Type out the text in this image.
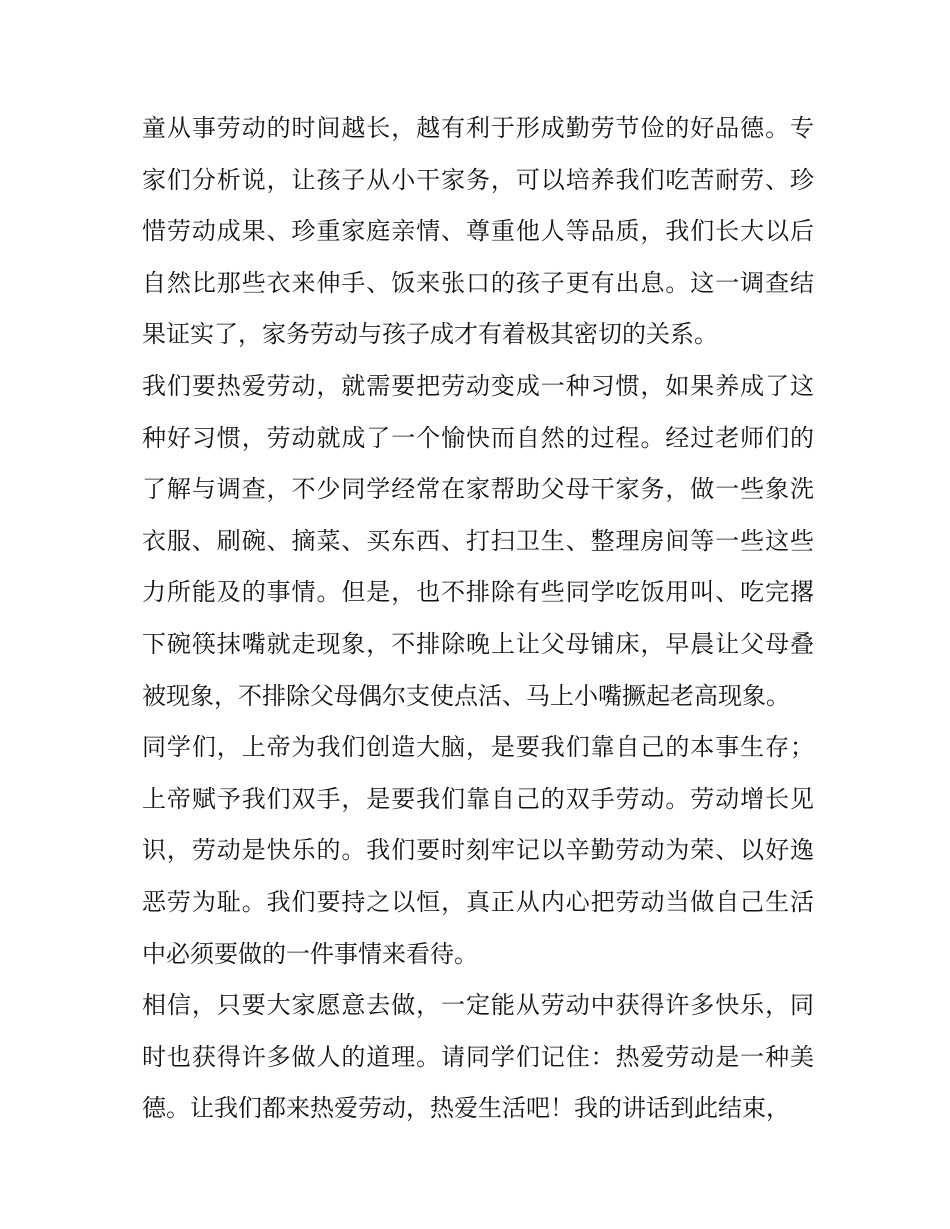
童从事劳动的时间越长，越有利于形成勤劳节俭的好品德。专
家们分析说，让孩子从小干家务，可以培养我们吃苦耐劳、珍
惜劳动成果、珍重家庭亲情、尊重他人等品质，我们长大以后
自然比那些衣来伸手、饭来张口的孩子更有出息。这一调查结
果证实了，家务劳动与孩子成才有着极其密切的关系。
我们要热爱劳动，就需要把劳动变成一种习惯，如果养成了这
种好习惯，劳动就成了一个愉快而自然的过程。经过老师们的
了解与调查，不少同学经常在家帮助父母干家务，做一些象洗
衣服、刷碗、摘菜、买东西、打扫卫生、整理房间等一些这些
力所能及的事情。但是，也不排除有些同学吃饭用叫、吃完撂
下碗筷抹嘴就走现象，不排除晚上让父母铺床，早晨让父母叠
被现象，不排除父母偶尔支使点活、马上小嘴撅起老高现象。
同学们，上帝为我们创造大脑，是要我们靠自己的本事生存；
上帝赋予我们双手，是要我们靠自己的双手劳动。劳动增长见
识，劳动是快乐的。我们要时刻牢记以辛勤劳动为荣、以好逸
恶劳为耻。我们要持之以恒，真正从内心把劳动当做自己生活
中必须要做的一件事情来看待。
相信，只要大家愿意去做，一定能从劳动中获得许多快乐，同
时也获得许多做人的道理。请同学们记住：热爱劳动是一种美
德。让我们都来热爱劳动，热爱生活吧！我的讲话到此结束，
